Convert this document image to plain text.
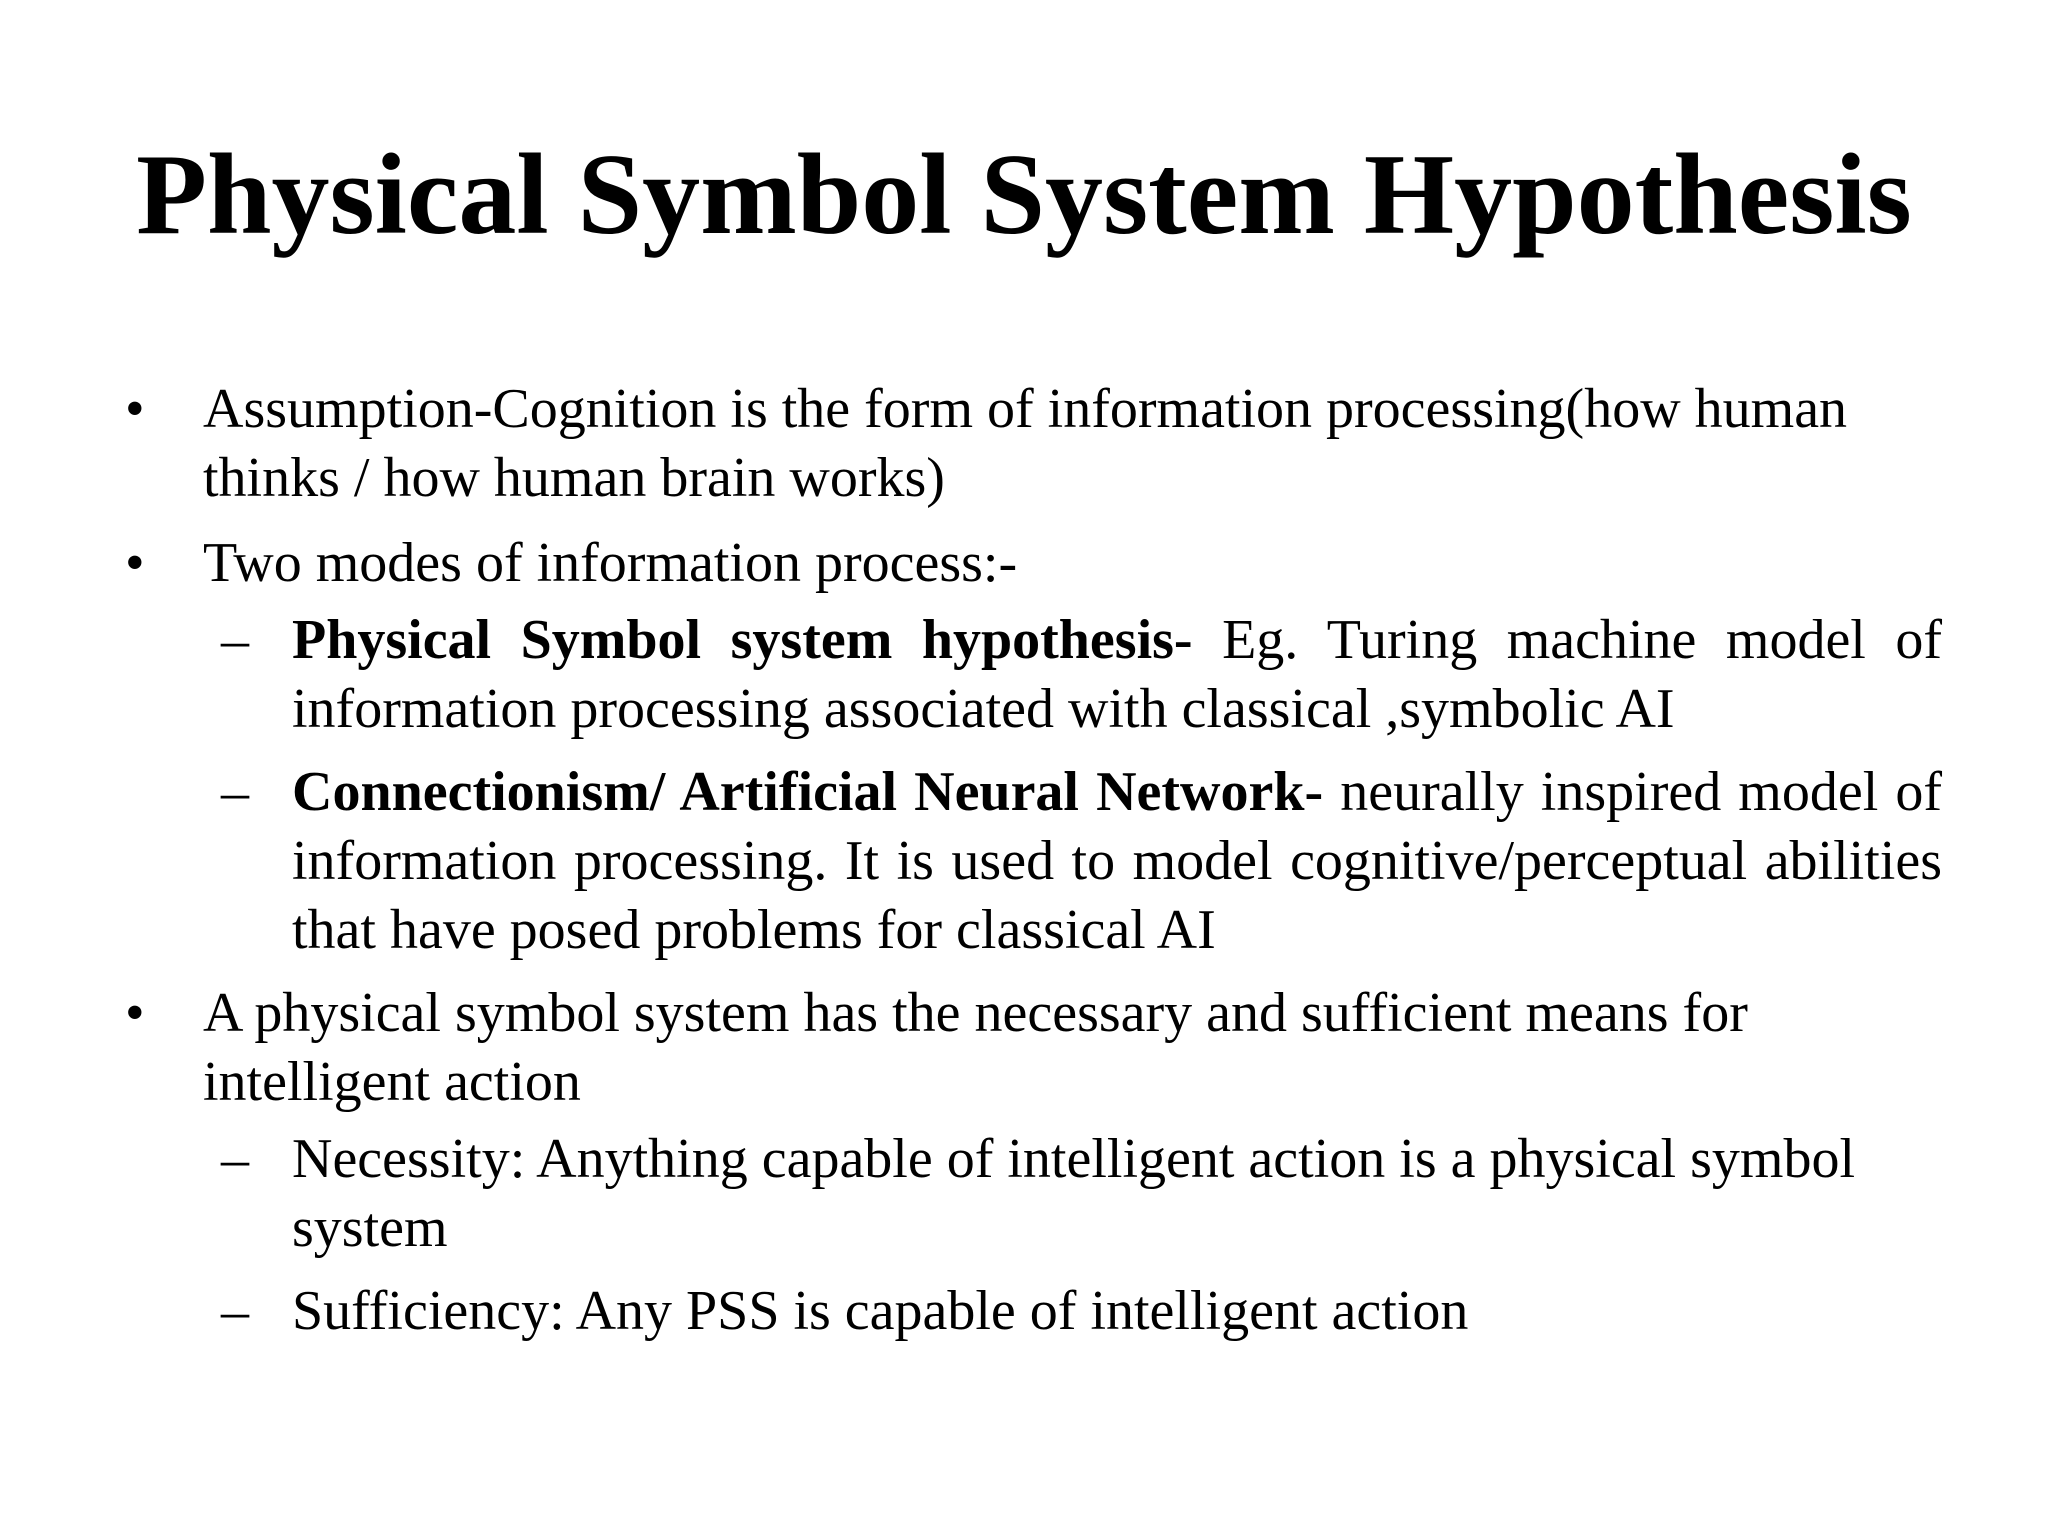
Physical Symbol System Hypothesis
• Assumption-Cognition is the form of information processing(how human thinks / how human brain works)
• Two modes of information process:-
– Physical Symbol system hypothesis- Eg. Turing machine model of information processing associated with classical ,symbolic AI
– Connectionism/ Artificial Neural Network- neurally inspired model of information processing. It is used to model cognitive/perceptual abilities that have posed problems for classical AI
• A physical symbol system has the necessary and sufficient means for intelligent action
– Necessity: Anything capable of intelligent action is a physical symbol system
– Sufficiency: Any PSS is capable of intelligent action
